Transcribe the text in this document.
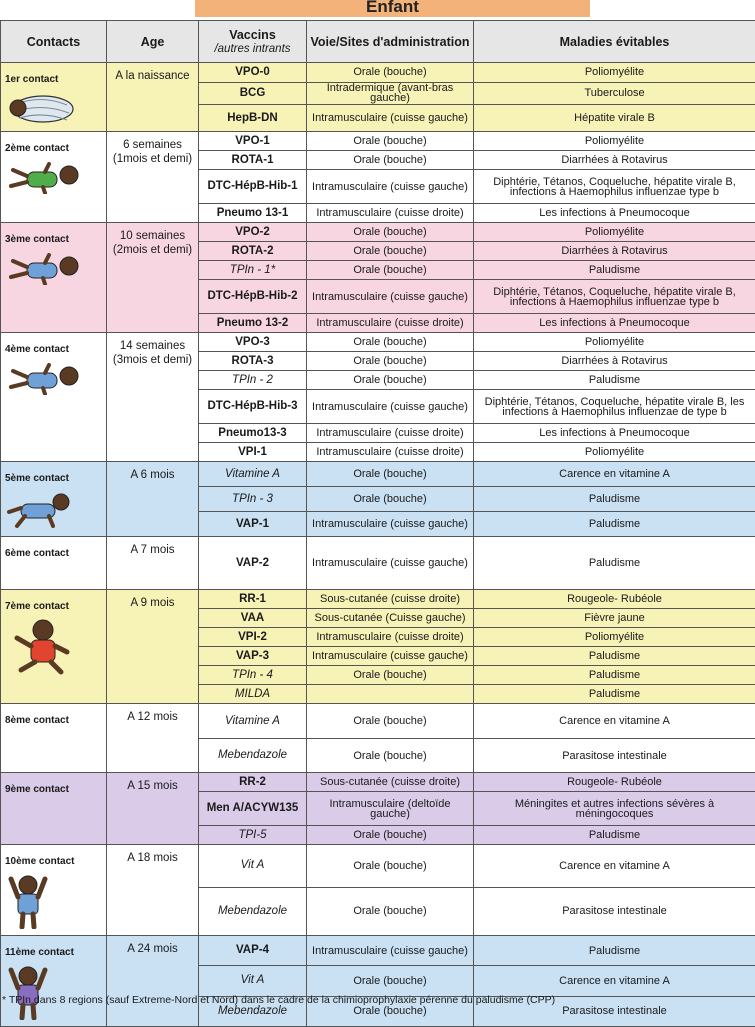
Enfant
Contacts	Age	Vaccins
/autres intrants	Voie/Sites d'administration	Maladies évitables

1er contact	A la naissance	VPO-0	Orale (bouche)	Poliomyélite
		BCG	Intradermique (avant-bras gauche)	Tuberculose
		HepB-DN	Intramusculaire (cuisse gauche)	Hépatite virale B

2ème contact	6 semaines (1mois et demi)	VPO-1	Orale (bouche)	Poliomyélite
		ROTA-1	Orale (bouche)	Diarrhées à Rotavirus
		DTC-HépB-Hib-1	Intramusculaire (cuisse gauche)	Diphtérie, Tétanos, Coqueluche, hépatite virale B, infections à Haemophilus influenzae type b
		Pneumo 13-1	Intramusculaire (cuisse droite)	Les infections à Pneumocoque

3ème contact	10 semaines (2mois et demi)	VPO-2	Orale (bouche)	Poliomyélite
		ROTA-2	Orale (bouche)	Diarrhées à Rotavirus
		TPIn - 1*	Orale (bouche)	Paludisme
		DTC-HépB-Hib-2	Intramusculaire (cuisse gauche)	Diphtérie, Tétanos, Coqueluche, hépatite virale B, infections à Haemophilus influenzae type b
		Pneumo 13-2	Intramusculaire (cuisse droite)	Les infections à Pneumocoque

4ème contact	14 semaines (3mois et demi)	VPO-3	Orale (bouche)	Poliomyélite
		ROTA-3	Orale (bouche)	Diarrhées à Rotavirus
		TPIn - 2	Orale (bouche)	Paludisme
		DTC-HépB-Hib-3	Intramusculaire (cuisse gauche)	Diphtérie, Tétanos, Coqueluche, hépatite virale B, les infections à Haemophilus influenzae de type b
		Pneumo13-3	Intramusculaire (cuisse droite)	Les infections à Pneumocoque
		VPI-1	Intramusculaire (cuisse droite)	Poliomyélite

5ème contact	A 6 mois	Vitamine A	Orale (bouche)	Carence en vitamine A
		TPIn - 3	Orale (bouche)	Paludisme
		VAP-1	Intramusculaire (cuisse gauche)	Paludisme

6ème contact	A 7 mois	VAP-2	Intramusculaire (cuisse gauche)	Paludisme

7ème contact	A 9 mois	RR-1	Sous-cutanée (cuisse droite)	Rougeole- Rubéole
		VAA	Sous-cutanée (Cuisse gauche)	Fièvre jaune
		VPI-2	Intramusculaire (cuisse droite)	Poliomyélite
		VAP-3	Intramusculaire (cuisse gauche)	Paludisme
		TPIn - 4	Orale (bouche)	Paludisme
		MILDA		Paludisme

8ème contact	A 12 mois	Vitamine A	Orale (bouche)	Carence en vitamine A
		Mebendazole	Orale (bouche)	Parasitose intestinale

9ème contact	A 15 mois	RR-2	Sous-cutanée (cuisse droite)	Rougeole- Rubéole
		Men A/ACYW135	Intramusculaire (deltoïde gauche)	Méningites et autres infections sévères à méningocoques
		TPI-5	Orale (bouche)	Paludisme

10ème contact	A 18 mois	Vit A	Orale (bouche)	Carence en vitamine A
		Mebendazole	Orale (bouche)	Parasitose intestinale

11ème contact	A 24 mois	VAP-4	Intramusculaire (cuisse gauche)	Paludisme
		Vit A	Orale (bouche)	Carence en vitamine A
		Mebendazole	Orale (bouche)	Parasitose intestinale
* TPIn dans 8 regions (sauf Extreme-Nord et Nord) dans le cadre de la chimioprophylaxie pérenne du paludisme (CPP)
